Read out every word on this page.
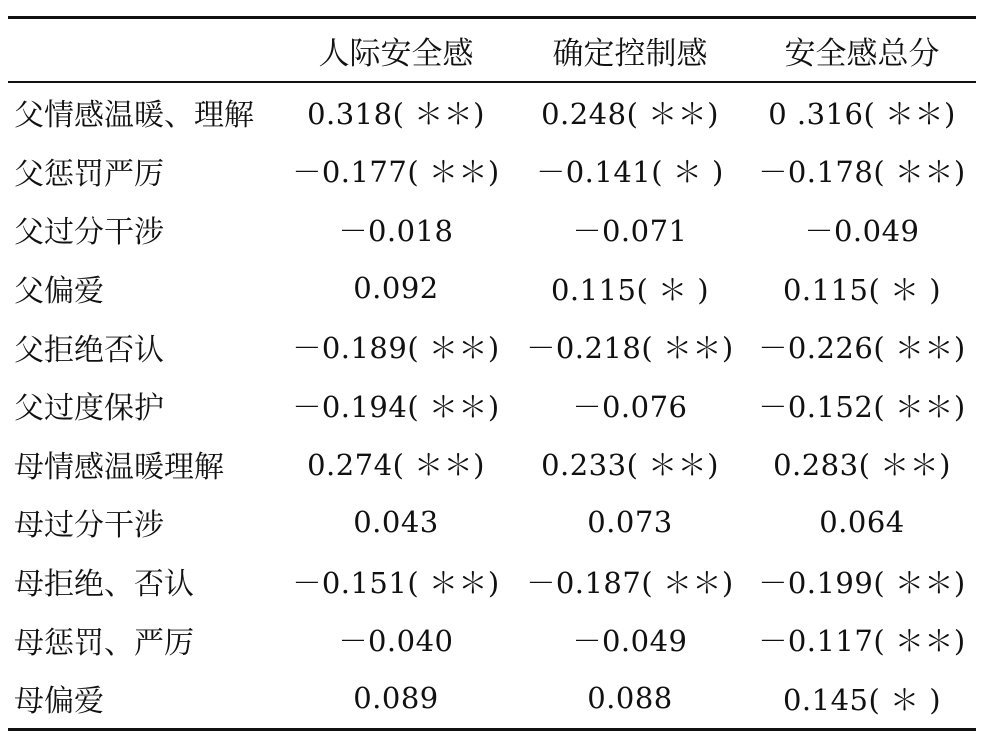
	人际安全感	确定控制感	安全感总分
父情感温暖、理解	0.318( ＊＊)	0.248( ＊＊)	0 .316( ＊＊)
父惩罚严厉	－0.177( ＊＊)	－0.141( ＊ )	－0.178( ＊＊)
父过分干涉	－0.018	－0.071	－0.049
父偏爱	0.092	0.115( ＊ )	0.115( ＊ )
父拒绝否认	－0.189( ＊＊)	－0.218( ＊＊)	－0.226( ＊＊)
父过度保护	－0.194( ＊＊)	－0.076	－0.152( ＊＊)
母情感温暖理解	0.274( ＊＊)	0.233( ＊＊)	0.283( ＊＊)
母过分干涉	0.043	0.073	0.064
母拒绝、否认	－0.151( ＊＊)	－0.187( ＊＊)	－0.199( ＊＊)
母惩罚、严厉	－0.040	－0.049	－0.117( ＊＊)
母偏爱	0.089	0.088	0.145( ＊ )
